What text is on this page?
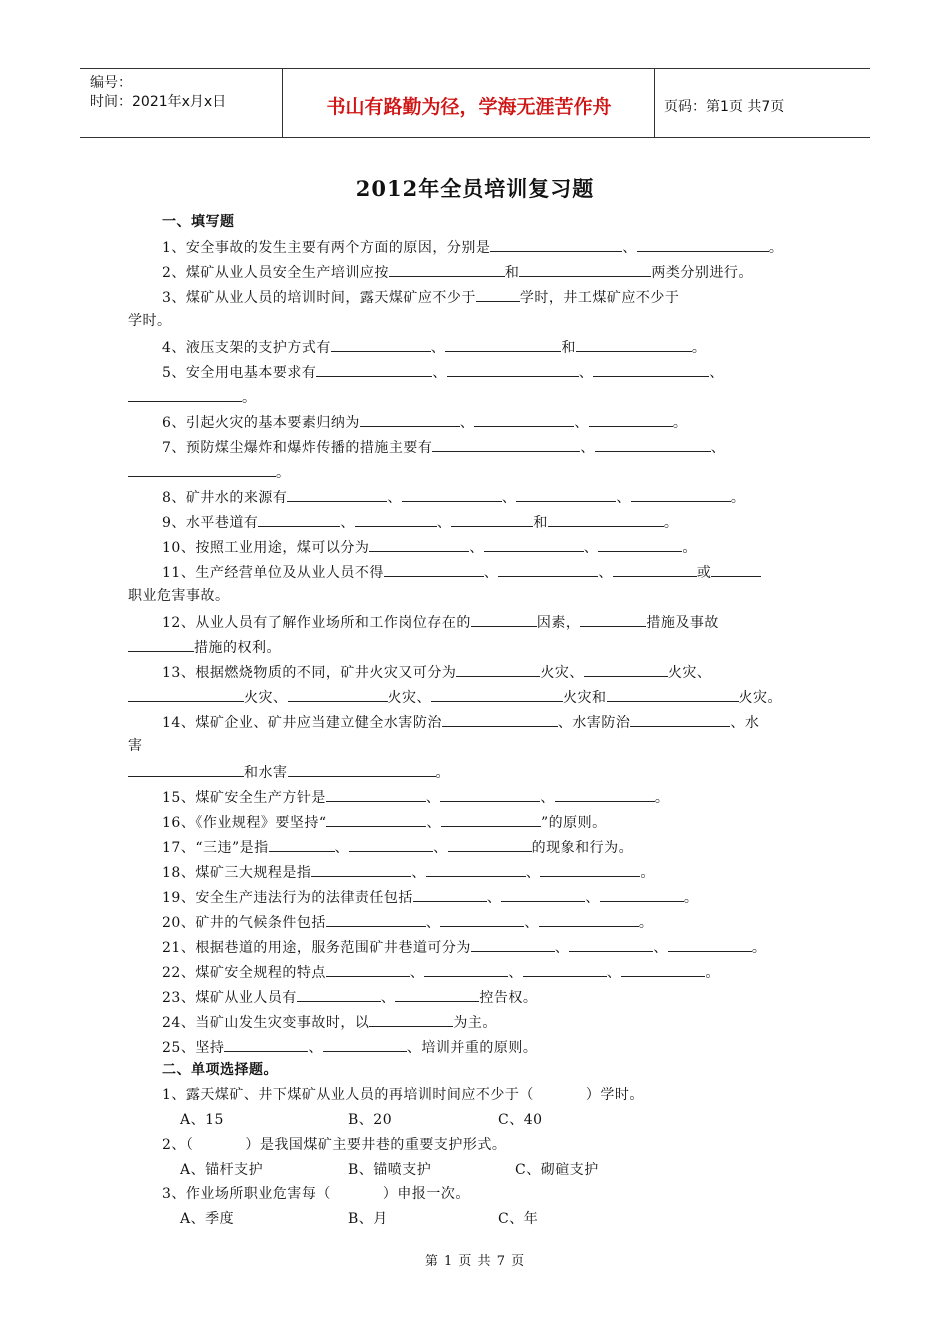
编号：
时间：2021年x月x日	书山有路勤为径，学海无涯苦作舟	页码：第1页 共7页
2012年全员培训复习题
一、填写题
1、安全事故的发生主要有两个方面的原因，分别是	、	。
2、煤矿从业人员安全生产培训应按	和	两类分别进行。
3、煤矿从业人员的培训时间，露天煤矿应不少于	学时，井工煤矿应不少于
学时。
4、液压支架的支护方式有	、	和	。
5、安全用电基本要求有	、	、	、
。
6、引起火灾的基本要素归纳为	、	、	。
7、预防煤尘爆炸和爆炸传播的措施主要有	、	、
。
8、矿井水的来源有	、	、	、	。
9、水平巷道有	、	、	和	。
10、按照工业用途，煤可以分为	、	、	。
11、生产经营单位及从业人员不得	、	、	或
职业危害事故。
12、从业人员有了解作业场所和工作岗位存在的	因素，	措施及事故
措施的权利。
13、根据燃烧物质的不同，矿井火灾又可分为	火灾、	火灾、
火灾、	火灾、	火灾和	火灾。
14、煤矿企业、矿井应当建立健全水害防治	、水害防治	、水
害
和水害	。
15、煤矿安全生产方针是	、	、	。
16、《作业规程》要坚持“	、	”的原则。
17、“三违”是指	、	、	的现象和行为。
18、煤矿三大规程是指	、	、	。
19、安全生产违法行为的法律责任包括	、	、	。
20、矿井的气候条件包括	、	、	。
21、根据巷道的用途，服务范围矿井巷道可分为	、	、	。
22、煤矿安全规程的特点	、	、	、	。
23、煤矿从业人员有	、	控告权。
24、当矿山发生灾变事故时，以	为主。
25、坚持	、	、培训并重的原则。
二、单项选择题。
1、露天煤矿、井下煤矿从业人员的再培训时间应不少于（	）学时。
A、15	B、20	C、40
2、（	）是我国煤矿主要井巷的重要支护形式。
A、锚杆支护	B、锚喷支护	C、砌碹支护
3、作业场所职业危害每（	）申报一次。
A、季度	B、月	C、年
第 1 页 共 7 页
